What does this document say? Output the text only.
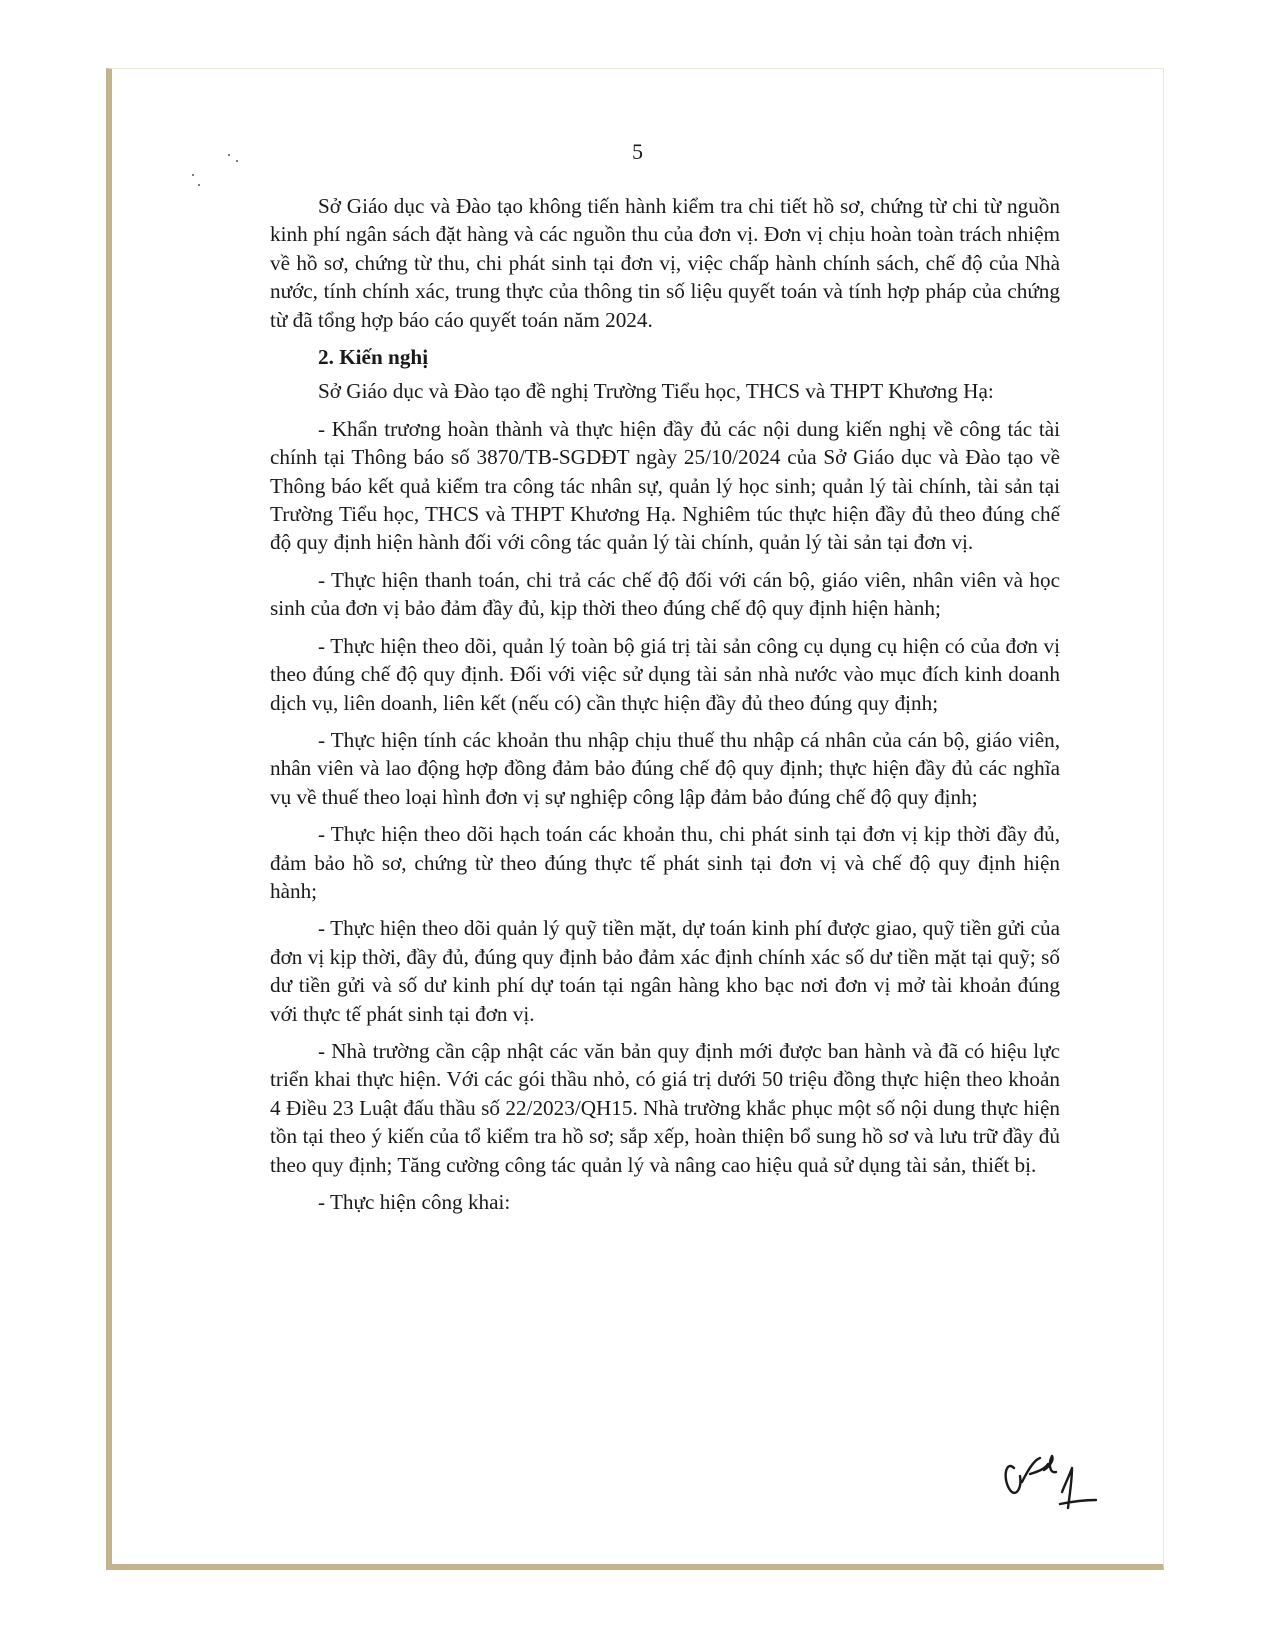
5

Sở Giáo dục và Đào tạo không tiến hành kiểm tra chi tiết hồ sơ, chứng từ chi từ nguồn kinh phí ngân sách đặt hàng và các nguồn thu của đơn vị. Đơn vị chịu hoàn toàn trách nhiệm về hồ sơ, chứng từ thu, chi phát sinh tại đơn vị, việc chấp hành chính sách, chế độ của Nhà nước, tính chính xác, trung thực của thông tin số liệu quyết toán và tính hợp pháp của chứng từ đã tổng hợp báo cáo quyết toán năm 2024.

2. Kiến nghị

Sở Giáo dục và Đào tạo đề nghị Trường Tiểu học, THCS và THPT Khương Hạ:

- Khẩn trương hoàn thành và thực hiện đầy đủ các nội dung kiến nghị về công tác tài chính tại Thông báo số 3870/TB-SGDĐT ngày 25/10/2024 của Sở Giáo dục và Đào tạo về Thông báo kết quả kiểm tra công tác nhân sự, quản lý học sinh; quản lý tài chính, tài sản tại Trường Tiểu học, THCS và THPT Khương Hạ. Nghiêm túc thực hiện đầy đủ theo đúng chế độ quy định hiện hành đối với công tác quản lý tài chính, quản lý tài sản tại đơn vị.

- Thực hiện thanh toán, chi trả các chế độ đối với cán bộ, giáo viên, nhân viên và học sinh của đơn vị bảo đảm đầy đủ, kịp thời theo đúng chế độ quy định hiện hành;

- Thực hiện theo dõi, quản lý toàn bộ giá trị tài sản công cụ dụng cụ hiện có của đơn vị theo đúng chế độ quy định. Đối với việc sử dụng tài sản nhà nước vào mục đích kinh doanh dịch vụ, liên doanh, liên kết (nếu có) cần thực hiện đầy đủ theo đúng quy định;

- Thực hiện tính các khoản thu nhập chịu thuế thu nhập cá nhân của cán bộ, giáo viên, nhân viên và lao động hợp đồng đảm bảo đúng chế độ quy định; thực hiện đầy đủ các nghĩa vụ về thuế theo loại hình đơn vị sự nghiệp công lập đảm bảo đúng chế độ quy định;

- Thực hiện theo dõi hạch toán các khoản thu, chi phát sinh tại đơn vị kịp thời đầy đủ, đảm bảo hồ sơ, chứng từ theo đúng thực tế phát sinh tại đơn vị và chế độ quy định hiện hành;

- Thực hiện theo dõi quản lý quỹ tiền mặt, dự toán kinh phí được giao, quỹ tiền gửi của đơn vị kịp thời, đầy đủ, đúng quy định bảo đảm xác định chính xác số dư tiền mặt tại quỹ; số dư tiền gửi và số dư kinh phí dự toán tại ngân hàng kho bạc nơi đơn vị mở tài khoản đúng với thực tế phát sinh tại đơn vị.

- Nhà trường cần cập nhật các văn bản quy định mới được ban hành và đã có hiệu lực triển khai thực hiện. Với các gói thầu nhỏ, có giá trị dưới 50 triệu đồng thực hiện theo khoản 4 Điều 23 Luật đấu thầu số 22/2023/QH15. Nhà trường khắc phục một số nội dung thực hiện tồn tại theo ý kiến của tổ kiểm tra hồ sơ; sắp xếp, hoàn thiện bổ sung hồ sơ và lưu trữ đầy đủ theo quy định; Tăng cường công tác quản lý và nâng cao hiệu quả sử dụng tài sản, thiết bị.

- Thực hiện công khai:
